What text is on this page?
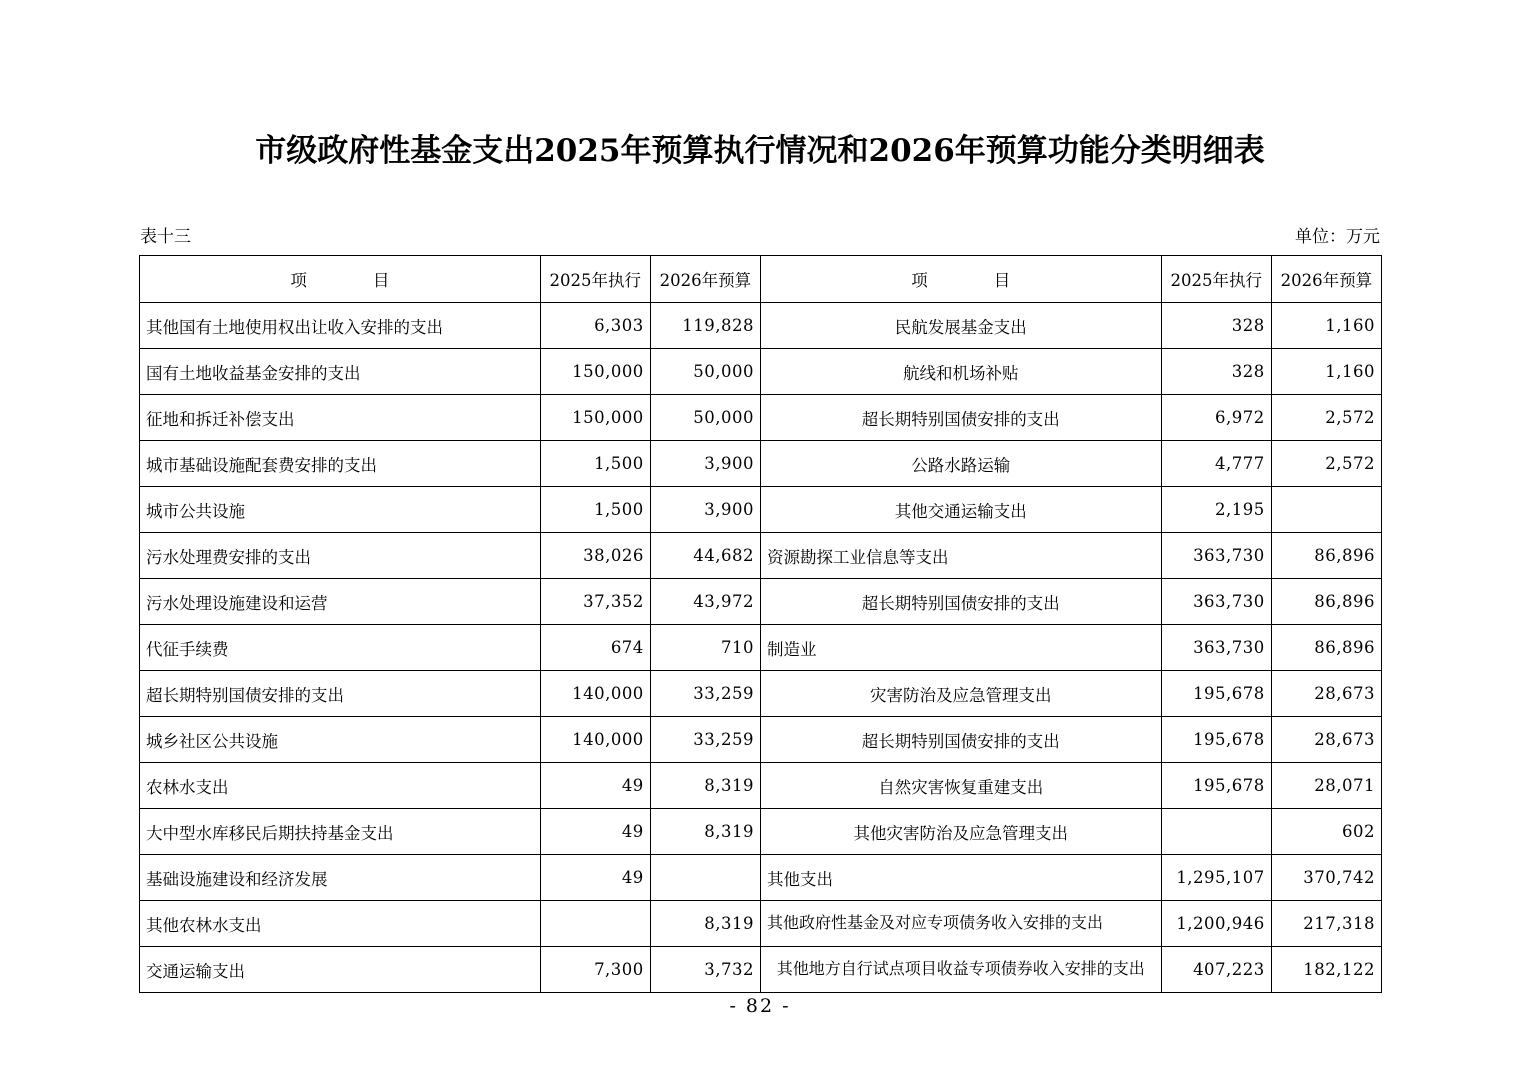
市级政府性基金支出2025年预算执行情况和2026年预算功能分类明细表
表十三	单位：万元
项　　　　目	2025年执行	2026年预算	项　　　　目	2025年执行	2026年预算
其他国有土地使用权出让收入安排的支出	6,303	119,828	民航发展基金支出	328	1,160
国有土地收益基金安排的支出	150,000	50,000	航线和机场补贴	328	1,160
征地和拆迁补偿支出	150,000	50,000	超长期特别国债安排的支出	6,972	2,572
城市基础设施配套费安排的支出	1,500	3,900	公路水路运输	4,777	2,572
城市公共设施	1,500	3,900	其他交通运输支出	2,195	
污水处理费安排的支出	38,026	44,682	资源勘探工业信息等支出	363,730	86,896
污水处理设施建设和运营	37,352	43,972	超长期特别国债安排的支出	363,730	86,896
代征手续费	674	710	制造业	363,730	86,896
超长期特别国债安排的支出	140,000	33,259	灾害防治及应急管理支出	195,678	28,673
城乡社区公共设施	140,000	33,259	超长期特别国债安排的支出	195,678	28,673
农林水支出	49	8,319	自然灾害恢复重建支出	195,678	28,071
大中型水库移民后期扶持基金支出	49	8,319	其他灾害防治及应急管理支出		602
基础设施建设和经济发展	49		其他支出	1,295,107	370,742
其他农林水支出		8,319	其他政府性基金及对应专项债务收入安排的支出	1,200,946	217,318
交通运输支出	7,300	3,732	其他地方自行试点项目收益专项债券收入安排的支出	407,223	182,122
- 82 -
